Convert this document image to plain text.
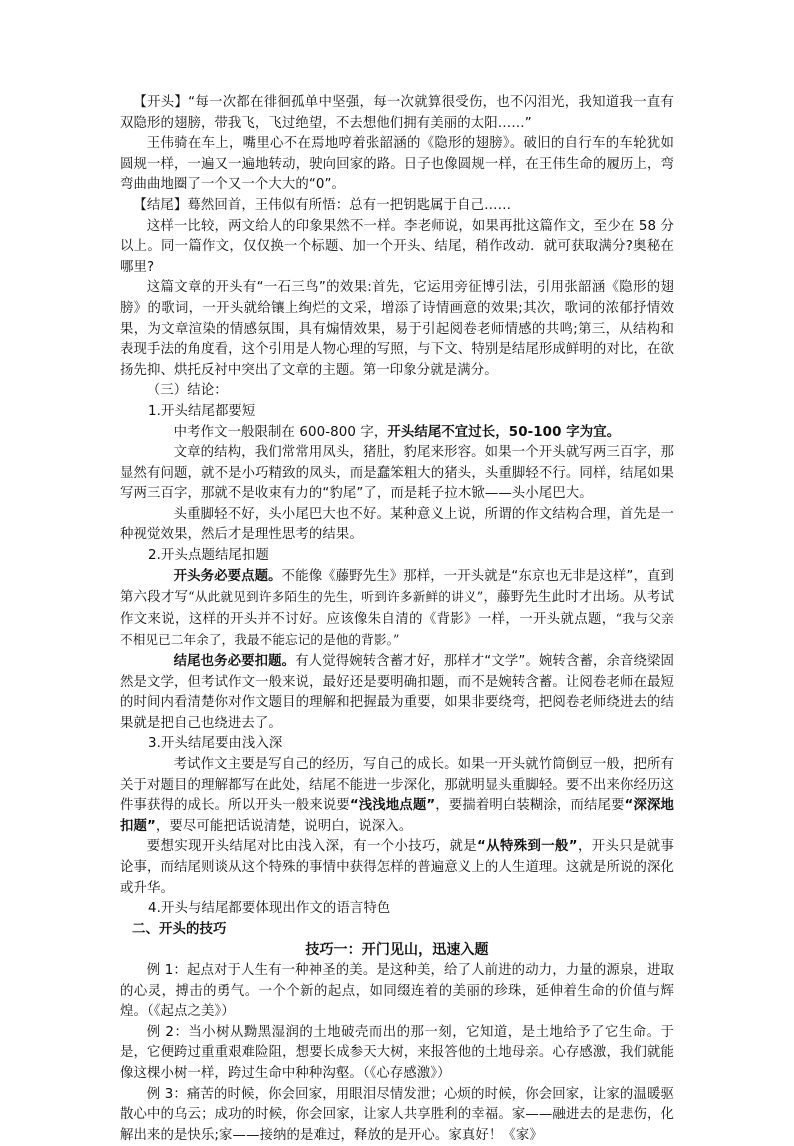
【开头】“每一次都在徘徊孤单中坚强，每一次就算很受伤，也不闪泪光，我知道我一直有双隐形的翅膀，带我飞，飞过绝望，不去想他们拥有美丽的太阳……”

王伟骑在车上，嘴里心不在焉地哼着张韶涵的《隐形的翅膀》。破旧的自行车的车轮犹如圆规一样，一遍又一遍地转动，驶向回家的路。日子也像圆规一样，在王伟生命的履历上，弯弯曲曲地圈了一个又一个大大的“0”。

【结尾】蓦然回首，王伟似有所悟：总有一把钥匙属于自己……

这样一比较，两文给人的印象果然不一样。李老师说，如果再批这篇作文，至少在 58 分以上。同一篇作文，仅仅换一个标题、加一个开头、结尾，稍作改动．就可获取满分?奥秘在哪里?

这篇文章的开头有“一石三鸟”的效果:首先，它运用旁征博引法，引用张韶涵《隐形的翅膀》的歌词，一开头就给镶上绚烂的文采，增添了诗情画意的效果;其次，歌词的浓郁抒情效果，为文章渲染的情感氛围，具有煽情效果，易于引起阅卷老师情感的共鸣;第三，从结构和表现手法的角度看，这个引用是人物心理的写照，与下文、特别是结尾形成鲜明的对比，在欲扬先抑、烘托反衬中突出了文章的主题。第一印象分就是满分。

（三）结论：

1.开头结尾都要短

中考作文一般限制在 600-800 字，开头结尾不宜过长，50-100 字为宜。

文章的结构，我们常常用凤头，猪肚，豹尾来形容。如果一个开头就写两三百字，那显然有问题，就不是小巧精致的凤头，而是蠢笨粗大的猪头，头重脚轻不行。同样，结尾如果写两三百字，那就不是收束有力的“豹尾”了，而是耗子拉木锨——头小尾巴大。

头重脚轻不好，头小尾巴大也不好。某种意义上说，所谓的作文结构合理，首先是一种视觉效果，然后才是理性思考的结果。

2.开头点题结尾扣题

开头务必要点题。不能像《藤野先生》那样，一开头就是“东京也无非是这样”，直到第六段才写“从此就见到许多陌生的先生，听到许多新鲜的讲义”，藤野先生此时才出场。从考试作文来说，这样的开头并不讨好。应该像朱自清的《背影》一样，一开头就点题，“我与父亲不相见已二年余了，我最不能忘记的是他的背影。”

结尾也务必要扣题。有人觉得婉转含蓄才好，那样才“文学”。婉转含蓄，余音绕梁固然是文学，但考试作文一般来说，最好还是要明确扣题，而不是婉转含蓄。让阅卷老师在最短的时间内看清楚你对作文题目的理解和把握最为重要，如果非要绕弯，把阅卷老师绕进去的结果就是把自己也绕进去了。

3.开头结尾要由浅入深

考试作文主要是写自己的经历，写自己的成长。如果一开头就竹筒倒豆一般，把所有关于对题目的理解都写在此处，结尾不能进一步深化，那就明显头重脚轻。要不出来你经历这件事获得的成长。所以开头一般来说要“浅浅地点题”，要揣着明白装糊涂，而结尾要“深深地扣题”，要尽可能把话说清楚，说明白，说深入。

要想实现开头结尾对比由浅入深，有一个小技巧，就是“从特殊到一般”，开头只是就事论事，而结尾则谈从这个特殊的事情中获得怎样的普遍意义上的人生道理。这就是所说的深化或升华。

4.开头与结尾都要体现出作文的语言特色

二、开头的技巧

技巧一：开门见山，迅速入题

例 1：起点对于人生有一种神圣的美。是这种美，给了人前进的动力，力量的源泉，进取的心灵，搏击的勇气。一个个新的起点，如同缀连着的美丽的珍珠，延伸着生命的价值与辉煌。（《起点之美》）

例 2：当小树从黝黑湿润的土地破壳而出的那一刻，它知道，是土地给予了它生命。于是，它便跨过重重艰难险阻，想要长成参天大树，来报答他的土地母亲。心存感激，我们就能像这棵小树一样，跨过生命中种种沟壑。（《心存感激》）

例 3：痛苦的时候，你会回家，用眼泪尽情发泄；心烦的时候，你会回家，让家的温暖驱散心中的乌云；成功的时候，你会回家，让家人共享胜利的幸福。家——融进去的是悲伤，化解出来的是快乐;家——接纳的是难过，释放的是开心。家真好！《家》
